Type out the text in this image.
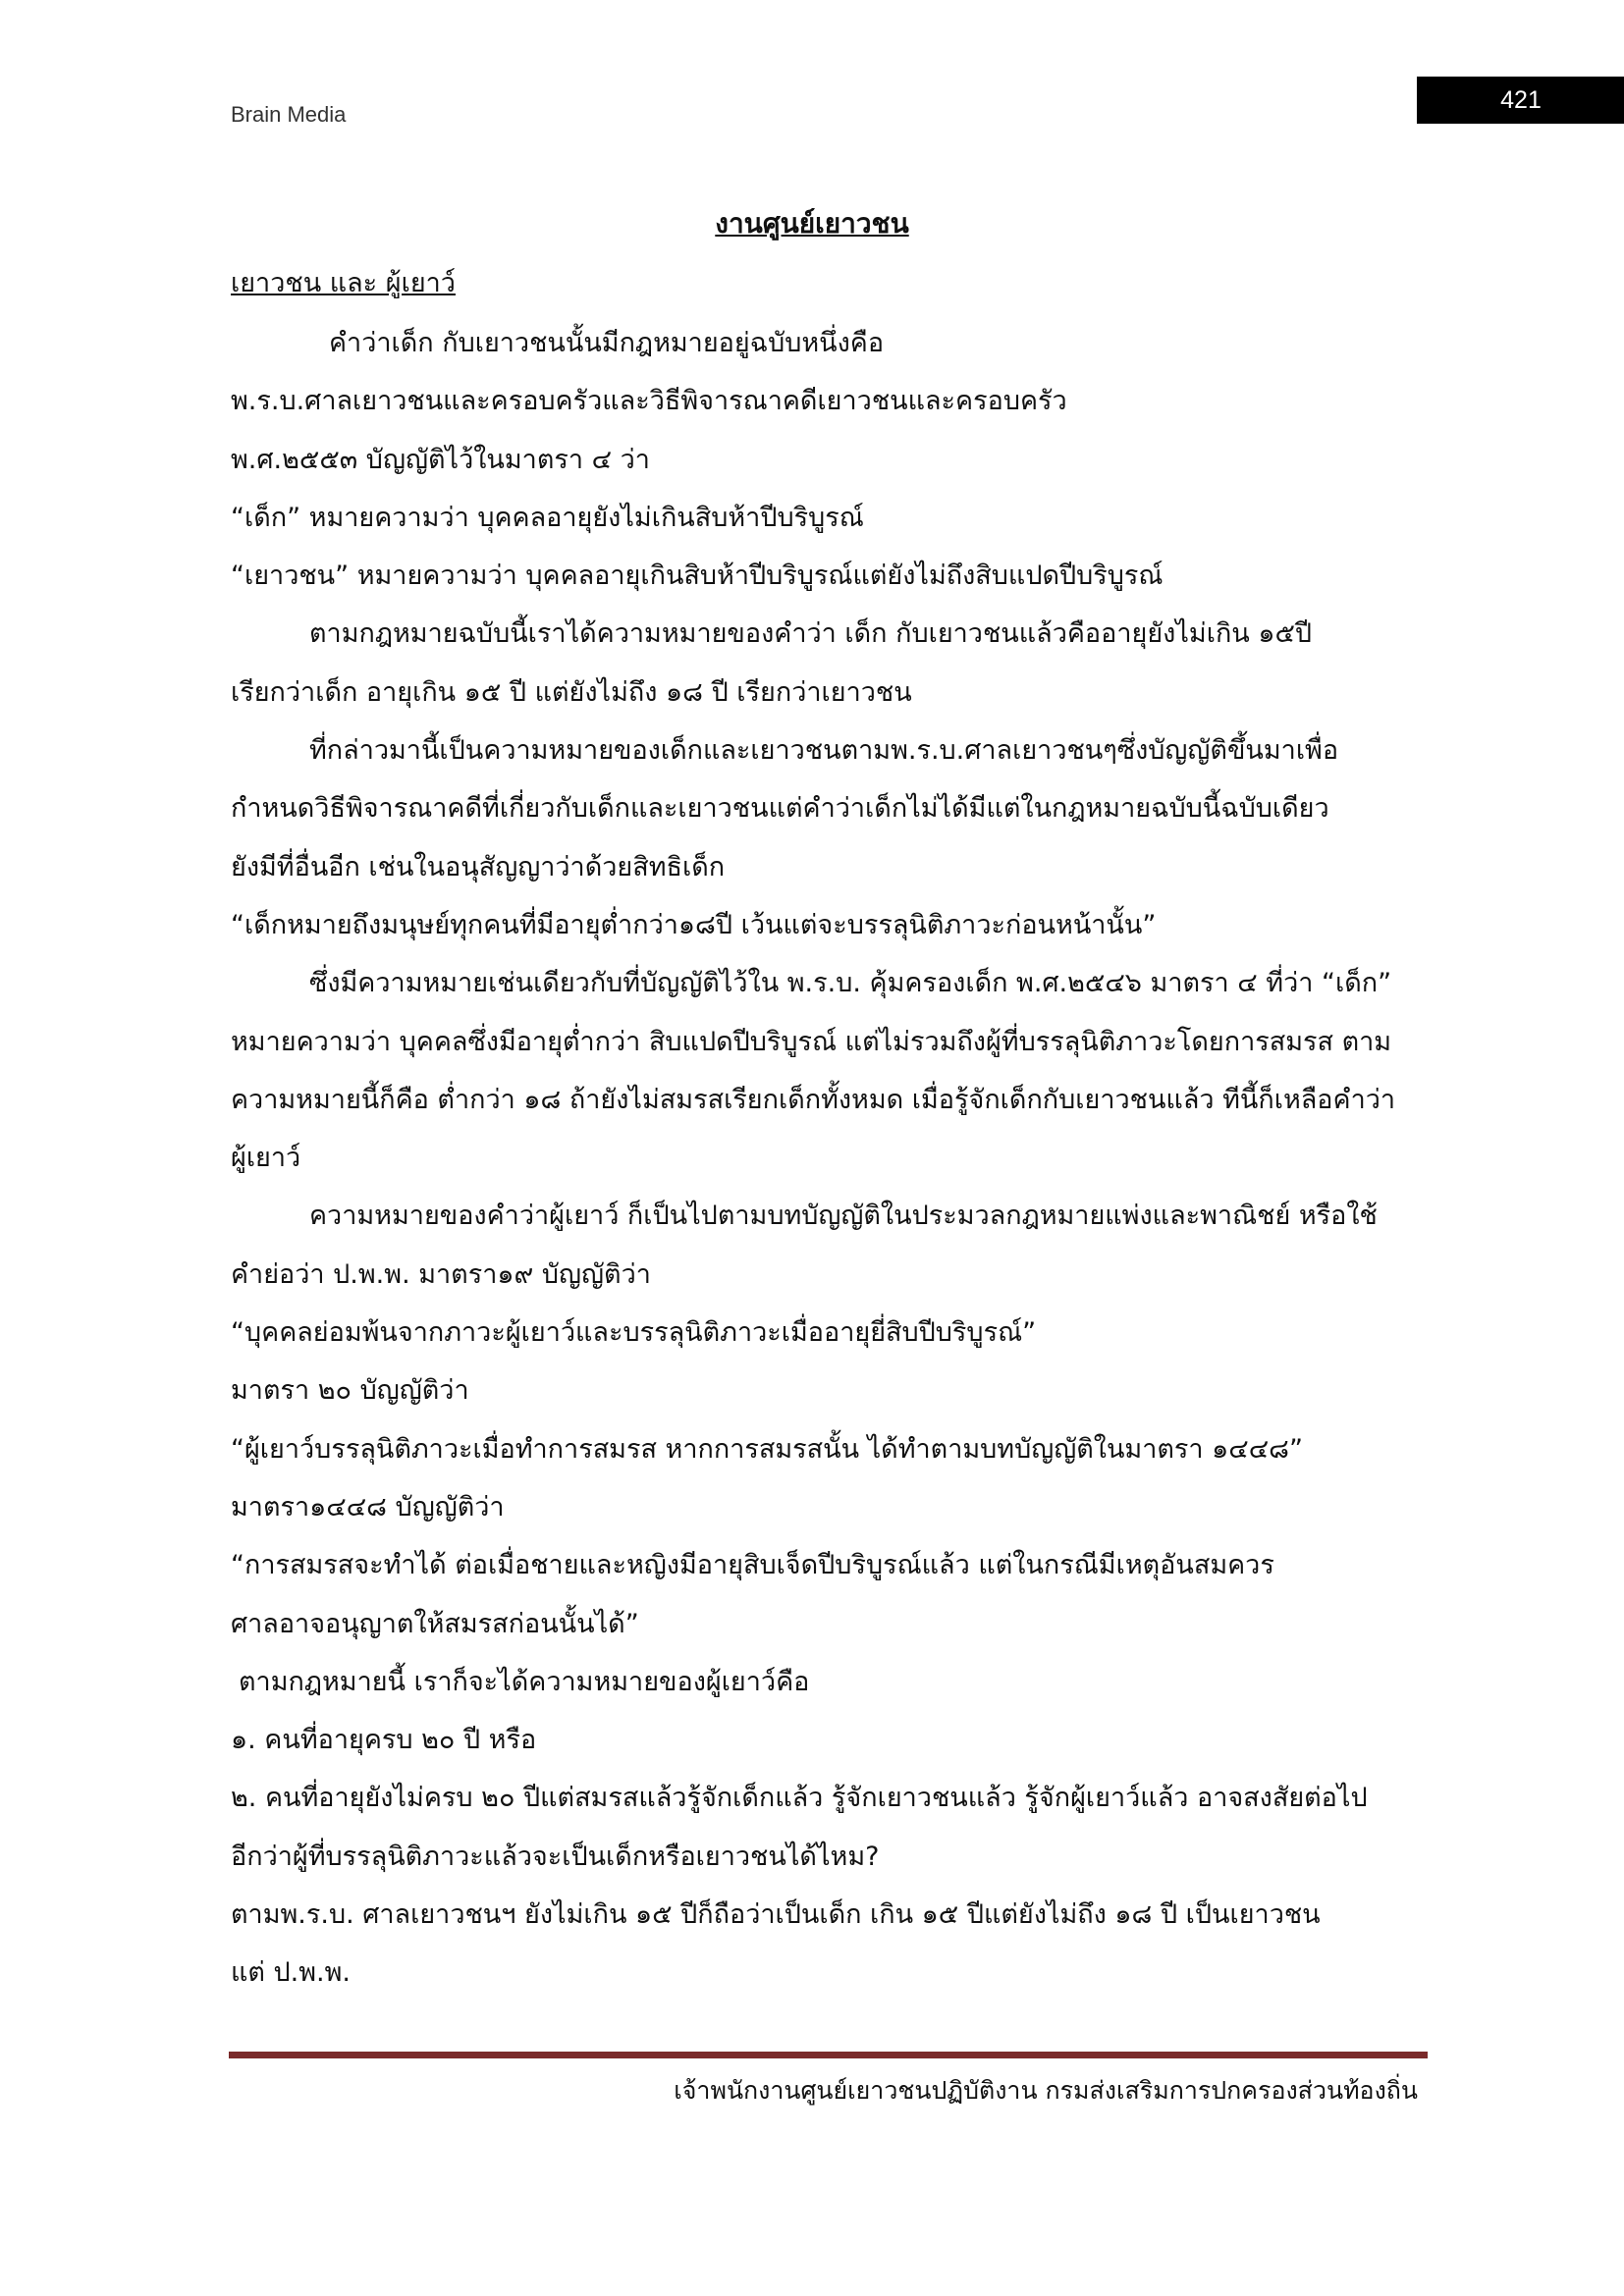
Brain Media
421
งานศูนย์เยาวชน
เยาวชน และ ผู้เยาว์
คำว่าเด็ก กับเยาวชนนั้นมีกฎหมายอยู่ฉบับหนึ่งคือ
พ.ร.บ.ศาลเยาวชนและครอบครัวและวิธีพิจารณาคดีเยาวชนและครอบครัว
พ.ศ.๒๕๕๓ บัญญัติไว้ในมาตรา ๔ ว่า
“เด็ก” หมายความว่า บุคคลอายุยังไม่เกินสิบห้าปีบริบูรณ์
“เยาวชน” หมายความว่า บุคคลอายุเกินสิบห้าปีบริบูรณ์แต่ยังไม่ถึงสิบแปดปีบริบูรณ์
ตามกฎหมายฉบับนี้เราได้ความหมายของคำว่า เด็ก กับเยาวชนแล้วคืออายุยังไม่เกิน ๑๕ปี
เรียกว่าเด็ก อายุเกิน ๑๕ ปี แต่ยังไม่ถึง ๑๘ ปี เรียกว่าเยาวชน
ที่กล่าวมานี้เป็นความหมายของเด็กและเยาวชนตามพ.ร.บ.ศาลเยาวชนๆซึ่งบัญญัติขึ้นมาเพื่อ
กำหนดวิธีพิจารณาคดีที่เกี่ยวกับเด็กและเยาวชนแต่คำว่าเด็กไม่ได้มีแต่ในกฎหมายฉบับนี้ฉบับเดียว
ยังมีที่อื่นอีก เช่นในอนุสัญญาว่าด้วยสิทธิเด็ก
“เด็กหมายถึงมนุษย์ทุกคนที่มีอายุต่ำกว่า๑๘ปี เว้นแต่จะบรรลุนิติภาวะก่อนหน้านั้น”
ซึ่งมีความหมายเช่นเดียวกับที่บัญญัติไว้ใน พ.ร.บ. คุ้มครองเด็ก พ.ศ.๒๕๔๖ มาตรา ๔ ที่ว่า “เด็ก”
หมายความว่า บุคคลซึ่งมีอายุต่ำกว่า สิบแปดปีบริบูรณ์ แต่ไม่รวมถึงผู้ที่บรรลุนิติภาวะโดยการสมรส ตาม
ความหมายนี้ก็คือ ต่ำกว่า ๑๘ ถ้ายังไม่สมรสเรียกเด็กทั้งหมด เมื่อรู้จักเด็กกับเยาวชนแล้ว ทีนี้ก็เหลือคำว่า
ผู้เยาว์
ความหมายของคำว่าผู้เยาว์ ก็เป็นไปตามบทบัญญัติในประมวลกฎหมายแพ่งและพาณิชย์ หรือใช้
คำย่อว่า ป.พ.พ. มาตรา๑๙ บัญญัติว่า
“บุคคลย่อมพ้นจากภาวะผู้เยาว์และบรรลุนิติภาวะเมื่ออายุยี่สิบปีบริบูรณ์”
มาตรา ๒๐ บัญญัติว่า
“ผู้เยาว์บรรลุนิติภาวะเมื่อทำการสมรส หากการสมรสนั้น ได้ทำตามบทบัญญัติในมาตรา ๑๔๔๘”
มาตรา๑๔๔๘ บัญญัติว่า
“การสมรสจะทำได้ ต่อเมื่อชายและหญิงมีอายุสิบเจ็ดปีบริบูรณ์แล้ว แต่ในกรณีมีเหตุอันสมควร
ศาลอาจอนุญาตให้สมรสก่อนนั้นได้”
ตามกฎหมายนี้ เราก็จะได้ความหมายของผู้เยาว์คือ
๑. คนที่อายุครบ ๒๐ ปี หรือ
๒. คนที่อายุยังไม่ครบ ๒๐ ปีแต่สมรสแล้วรู้จักเด็กแล้ว รู้จักเยาวชนแล้ว รู้จักผู้เยาว์แล้ว อาจสงสัยต่อไป
อีกว่าผู้ที่บรรลุนิติภาวะแล้วจะเป็นเด็กหรือเยาวชนได้ไหม?
ตามพ.ร.บ. ศาลเยาวชนฯ ยังไม่เกิน ๑๕ ปีก็ถือว่าเป็นเด็ก เกิน ๑๕ ปีแต่ยังไม่ถึง ๑๘ ปี เป็นเยาวชน
แต่ ป.พ.พ.
เจ้าพนักงานศูนย์เยาวชนปฏิบัติงาน กรมส่งเสริมการปกครองส่วนท้องถิ่น
